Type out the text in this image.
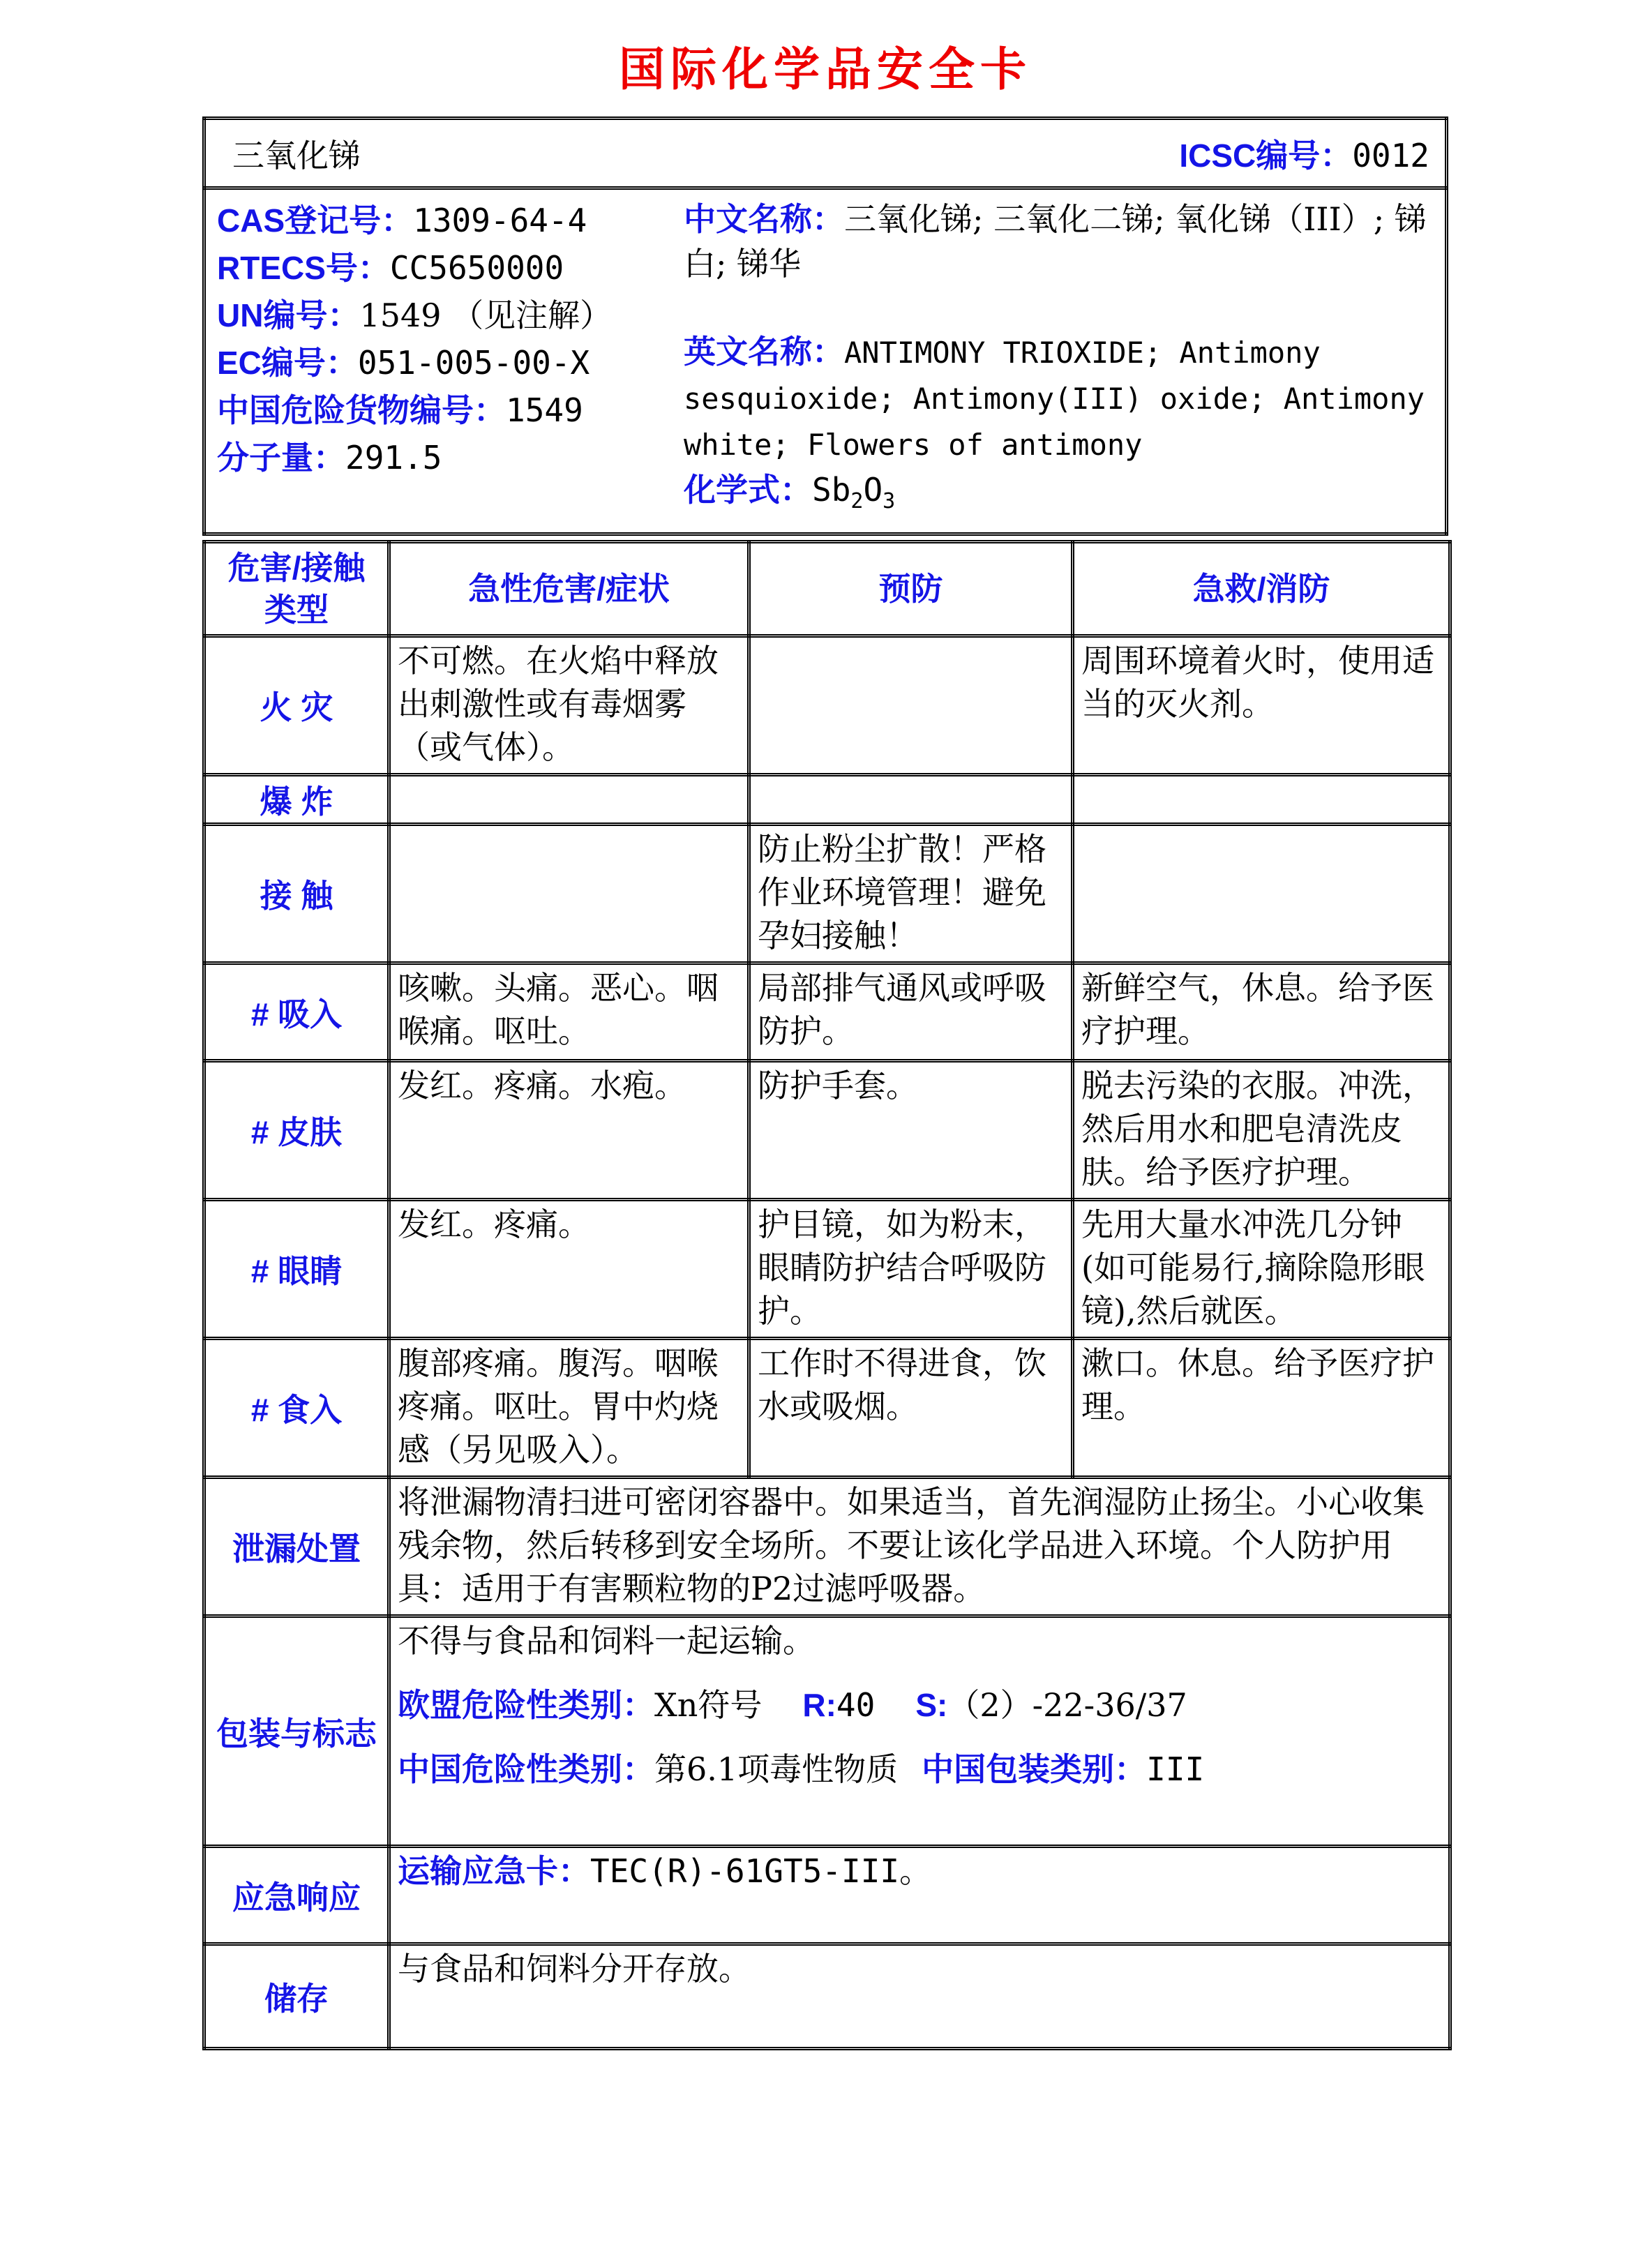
国际化学品安全卡
三氧化锑	ICSC编号：0012

CAS登记号：1309-64-4
RTECS号：CC5650000
UN编号：1549 （见注解）
EC编号：051-005-00-X
中国危险货物编号：1549
分子量：291.5
中文名称：三氧化锑; 三氧化二锑; 氧化锑（III）; 锑白; 锑华
英文名称：ANTIMONY TRIOXIDE; Antimony sesquioxide; Antimony(III) oxide; Antimony white; Flowers of antimony
化学式：$Sb_2O_3$
危害/接触
类型	急性危害/症状	预防	急救/消防
火 灾	不可燃。在火焰中释放出刺激性或有毒烟雾（或气体）。		周围环境着火时，使用适当的灭火剂。
爆 炸			
接 触		防止粉尘扩散！严格作业环境管理！避免孕妇接触！	
# 吸入	咳嗽。头痛。恶心。咽喉痛。呕吐。	局部排气通风或呼吸防护。	新鲜空气，休息。给予医疗护理。
# 皮肤	发红。疼痛。水疱。	防护手套。	脱去污染的衣服。冲洗，然后用水和肥皂清洗皮肤。给予医疗护理。
# 眼睛	发红。疼痛。	护目镜，如为粉末，眼睛防护结合呼吸防护。	先用大量水冲洗几分钟(如可能易行,摘除隐形眼镜),然后就医。
# 食入	腹部疼痛。腹泻。咽喉疼痛。呕吐。胃中灼烧感（另见吸入）。	工作时不得进食，饮水或吸烟。	漱口。休息。给予医疗护理。
泄漏处置	将泄漏物清扫进可密闭容器中。如果适当，首先润湿防止扬尘。小心收集残余物，然后转移到安全场所。不要让该化学品进入环境。个人防护用具：适用于有害颗粒物的P2过滤呼吸器。		
包装与标志	不得与食品和饲料一起运输。

欧盟危险性类别：Xn符号 R:40 S:（2）-22-36/37

中国危险性类别：第6.1项毒性物质 中国包装类别：III		

应急响应	运输应急卡：TEC(R)-61GT5-III。		
储存	与食品和饲料分开存放。		
